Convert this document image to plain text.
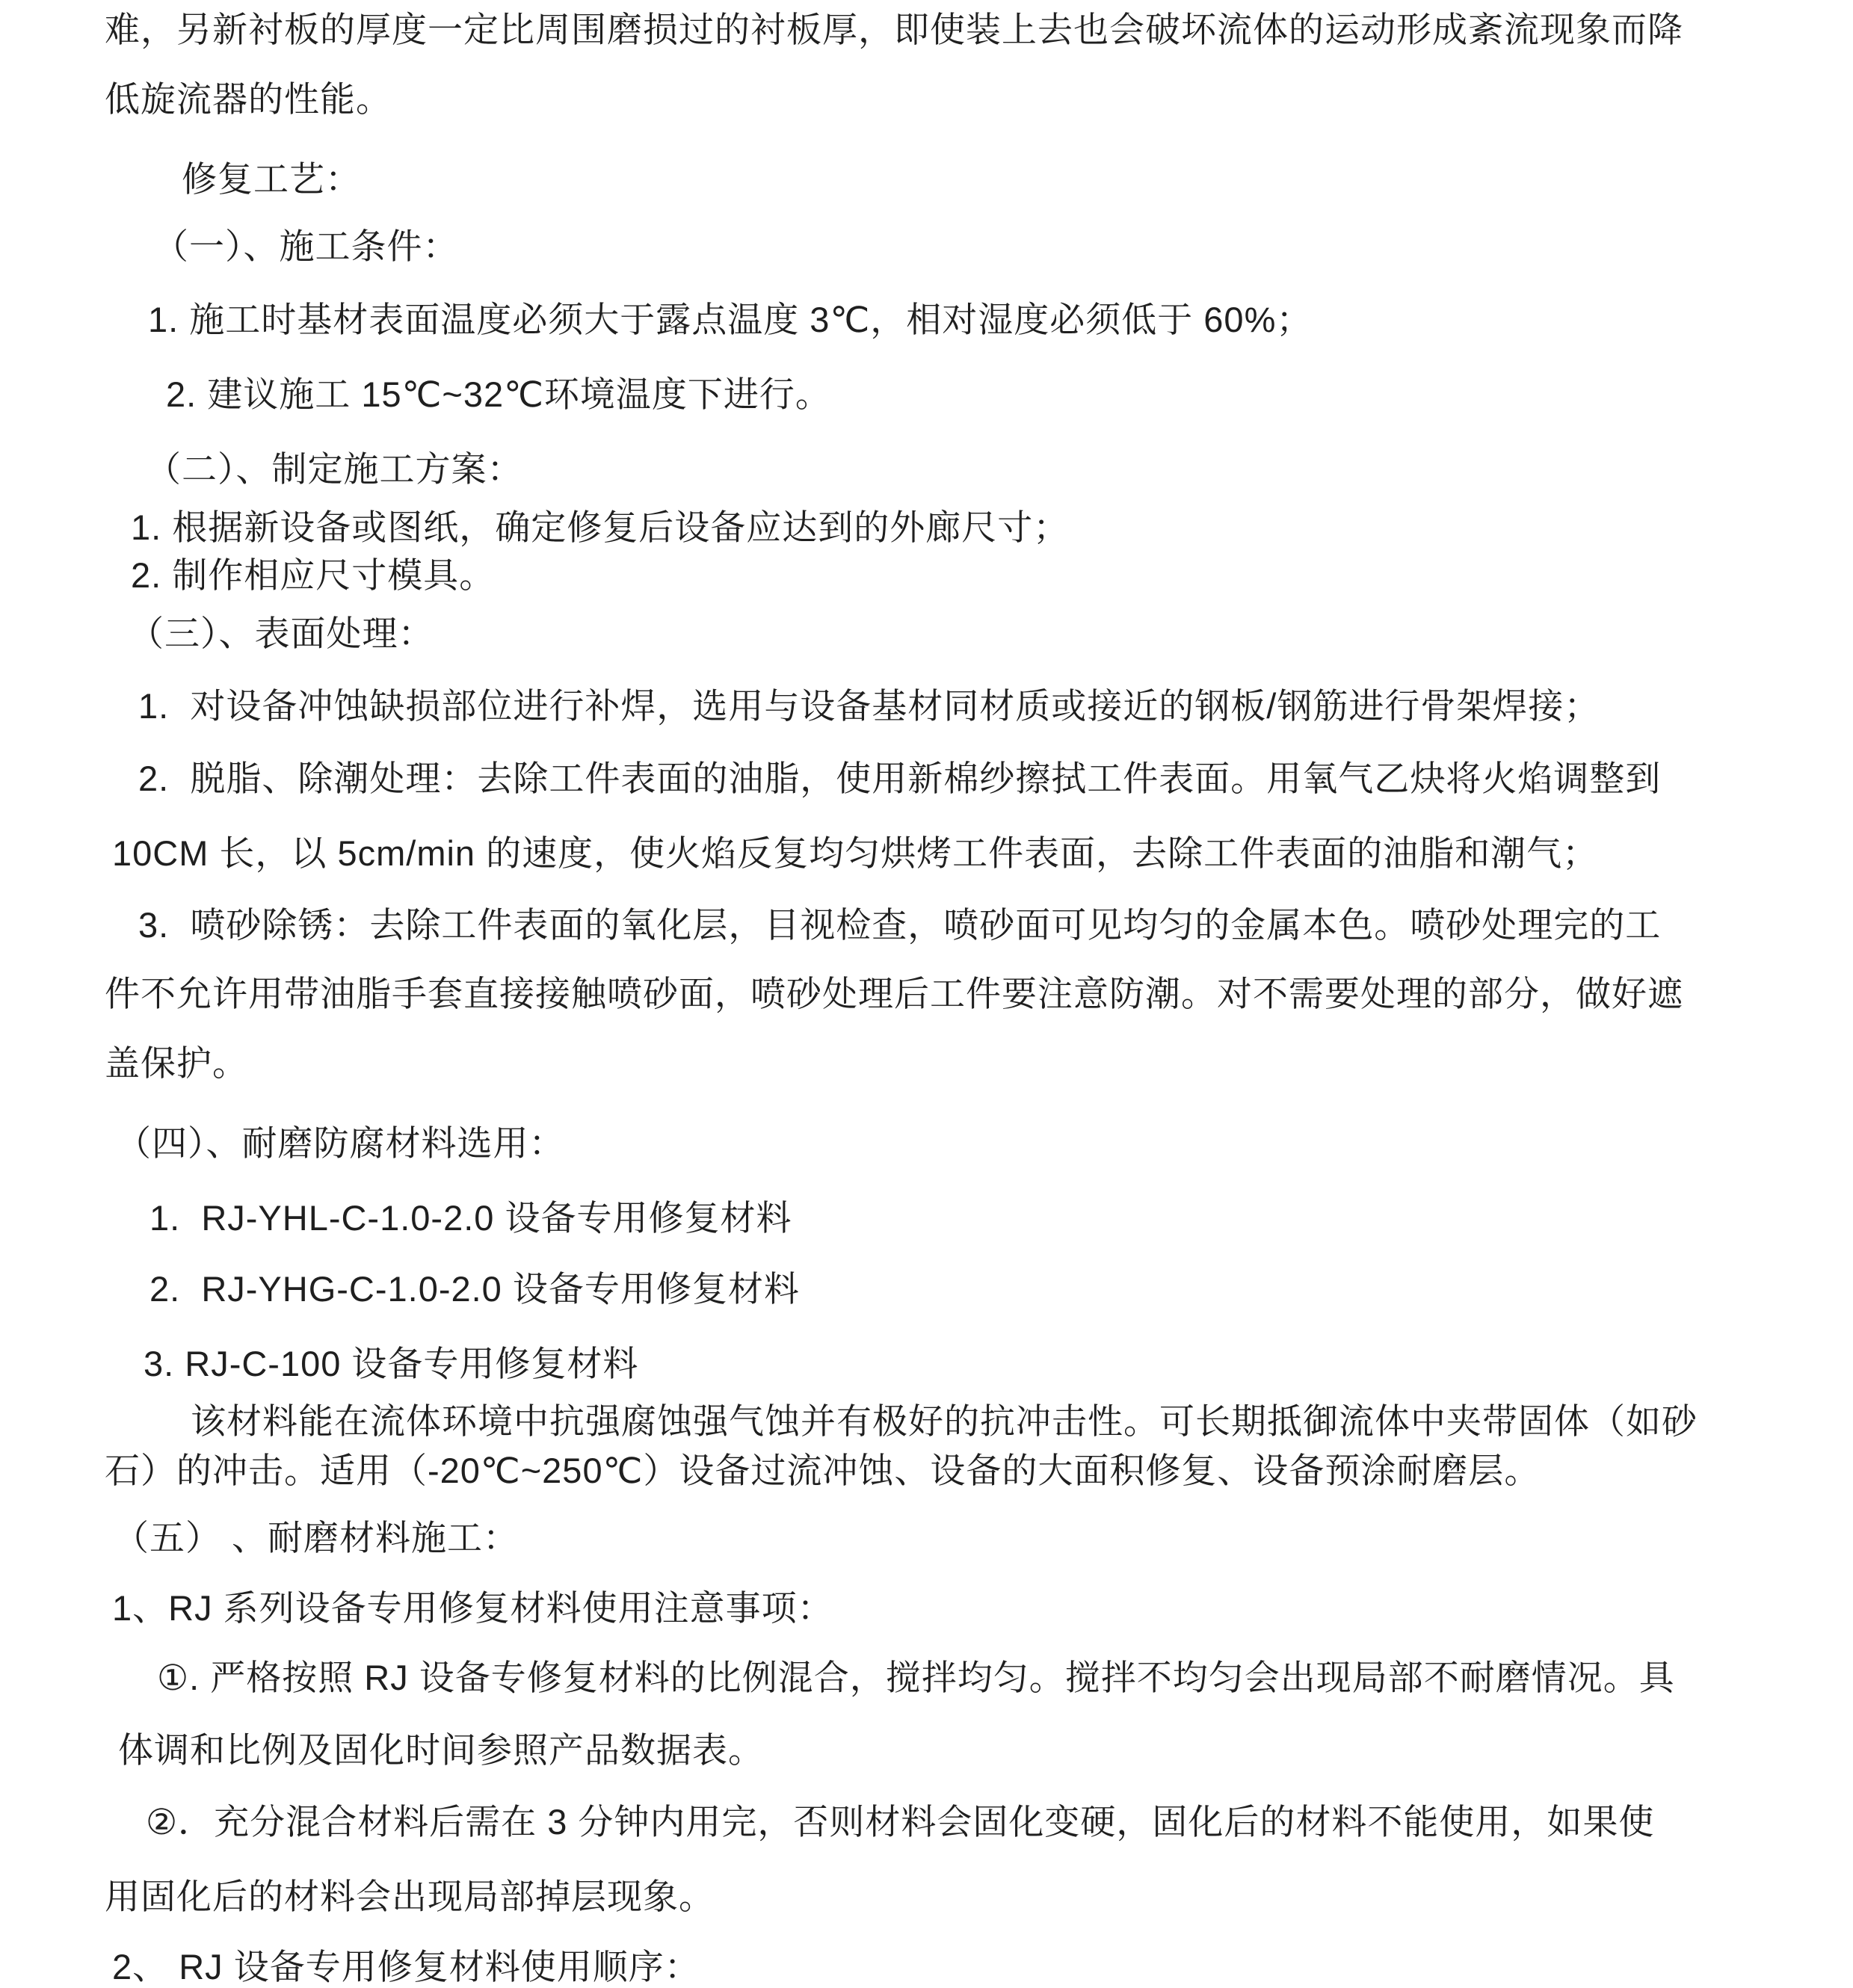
难，另新衬板的厚度一定比周围磨损过的衬板厚，即使装上去也会破坏流体的运动形成紊流现象而降
低旋流器的性能。
修复工艺：
（一）、施工条件：
1. 施工时基材表面温度必须大于露点温度 3℃，相对湿度必须低于 60%；
2. 建议施工 15℃~32℃环境温度下进行。
（二）、制定施工方案：
1. 根据新设备或图纸，确定修复后设备应达到的外廊尺寸；
2. 制作相应尺寸模具。
（三）、表面处理：
1.  对设备冲蚀缺损部位进行补焊，选用与设备基材同材质或接近的钢板/钢筋进行骨架焊接；
2.  脱脂、除潮处理：去除工件表面的油脂，使用新棉纱擦拭工件表面。用氧气乙炔将火焰调整到
10CM 长，以 5cm/min 的速度，使火焰反复均匀烘烤工件表面，去除工件表面的油脂和潮气；
3.  喷砂除锈：去除工件表面的氧化层，目视检查，喷砂面可见均匀的金属本色。喷砂处理完的工
件不允许用带油脂手套直接接触喷砂面，喷砂处理后工件要注意防潮。对不需要处理的部分，做好遮
盖保护。
（四）、耐磨防腐材料选用：
1.  RJ-YHL-C-1.0-2.0 设备专用修复材料
2.  RJ-YHG-C-1.0-2.0 设备专用修复材料
3. RJ-C-100 设备专用修复材料
该材料能在流体环境中抗强腐蚀强气蚀并有极好的抗冲击性。可长期抵御流体中夹带固体（如砂
石）的冲击。适用（-20℃~250℃）设备过流冲蚀、设备的大面积修复、设备预涂耐磨层。
（五） 、耐磨材料施工：
1、RJ 系列设备专用修复材料使用注意事项：
①. 严格按照 RJ 设备专修复材料的比例混合，搅拌均匀。搅拌不均匀会出现局部不耐磨情况。具
体调和比例及固化时间参照产品数据表。
②．充分混合材料后需在 3 分钟内用完，否则材料会固化变硬，固化后的材料不能使用，如果使
用固化后的材料会出现局部掉层现象。
2、 RJ 设备专用修复材料使用顺序：
